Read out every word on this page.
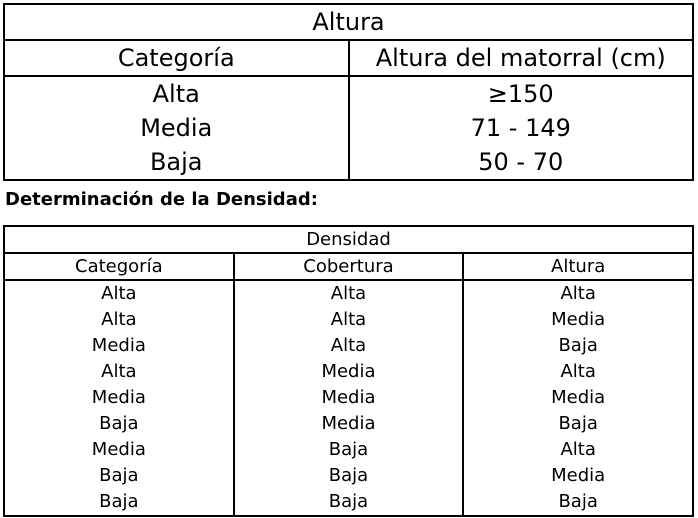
Altura	
Categoría	Altura del matorral (cm)
Alta	≥150
Media	71 - 149
Baja	50 - 70
Determinación de la Densidad:
Densidad		
Categoría	Cobertura	Altura
Alta	Alta	Alta
Alta	Alta	Media
Media	Alta	Baja
Alta	Media	Alta
Media	Media	Media
Baja	Media	Baja
Media	Baja	Alta
Baja	Baja	Media
Baja	Baja	Baja
